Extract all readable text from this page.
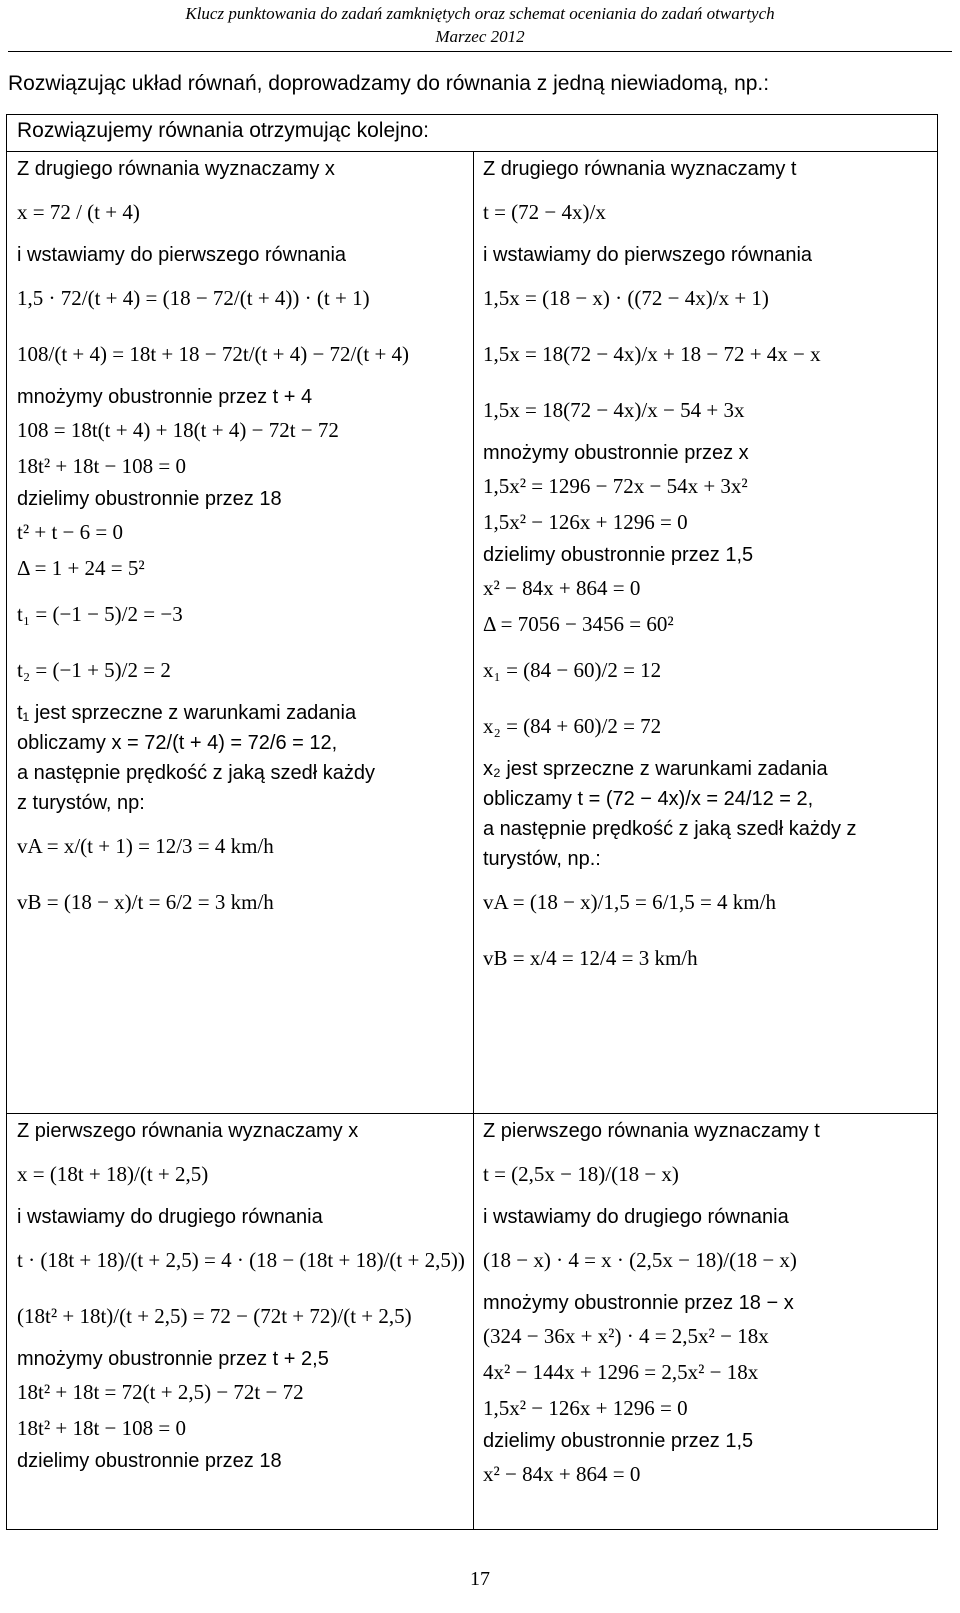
Klucz punktowania do zadań zamkniętych oraz schemat oceniania do zadań otwartych
Marzec 2012
Rozwiązując układ równań, doprowadzamy do równania z jedną niewiadomą, np.:
Rozwiązujemy równania otrzymując kolejno:
Z drugiego równania wyznaczamy x
x = 72 / (t + 4)
i wstawiamy do pierwszego równania
1,5 · 72/(t + 4) = (18 − 72/(t + 4)) · (t + 1)
108/(t + 4) = 18t + 18 − 72t/(t + 4) − 72/(t + 4)
mnożymy obustronnie przez t + 4
108 = 18t(t + 4) + 18(t + 4) − 72t − 72
18t² + 18t − 108 = 0
dzielimy obustronnie przez 18
t² + t − 6 = 0
Δ = 1 + 24 = 5²
t₁ = (−1 − 5)/2 = −3
t₂ = (−1 + 5)/2 = 2
t₁ jest sprzeczne z warunkami zadania
obliczamy x = 72/(t + 4) = 72/6 = 12,
a następnie prędkość z jaką szedł każdy
z turystów, np:
vA = x/(t + 1) = 12/3 = 4 km/h
vB = (18 − x)/t = 6/2 = 3 km/h
Z drugiego równania wyznaczamy t
t = (72 − 4x)/x
i wstawiamy do pierwszego równania
1,5x = (18 − x) · ((72 − 4x)/x + 1)
1,5x = 18(72 − 4x)/x + 18 − 72 + 4x − x
1,5x = 18(72 − 4x)/x − 54 + 3x
mnożymy obustronnie przez x
1,5x² = 1296 − 72x − 54x + 3x²
1,5x² − 126x + 1296 = 0
dzielimy obustronnie przez 1,5
x² − 84x + 864 = 0
Δ = 7056 − 3456 = 60²
x₁ = (84 − 60)/2 = 12
x₂ = (84 + 60)/2 = 72
x₂ jest sprzeczne z warunkami zadania
obliczamy t = (72 − 4x)/x = 24/12 = 2,
a następnie prędkość z jaką szedł każdy z
turystów, np.:
vA = (18 − x)/1,5 = 6/1,5 = 4 km/h
vB = x/4 = 12/4 = 3 km/h
Z pierwszego równania wyznaczamy x
x = (18t + 18)/(t + 2,5)
i wstawiamy do drugiego równania
t · (18t + 18)/(t + 2,5) = 4 · (18 − (18t + 18)/(t + 2,5))
(18t² + 18t)/(t + 2,5) = 72 − (72t + 72)/(t + 2,5)
mnożymy obustronnie przez t + 2,5
18t² + 18t = 72(t + 2,5) − 72t − 72
18t² + 18t − 108 = 0
dzielimy obustronnie przez 18
Z pierwszego równania wyznaczamy t
t = (2,5x − 18)/(18 − x)
i wstawiamy do drugiego równania
(18 − x) · 4 = x · (2,5x − 18)/(18 − x)
mnożymy obustronnie przez 18 − x
(324 − 36x + x²) · 4 = 2,5x² − 18x
4x² − 144x + 1296 = 2,5x² − 18x
1,5x² − 126x + 1296 = 0
dzielimy obustronnie przez 1,5
x² − 84x + 864 = 0
17
